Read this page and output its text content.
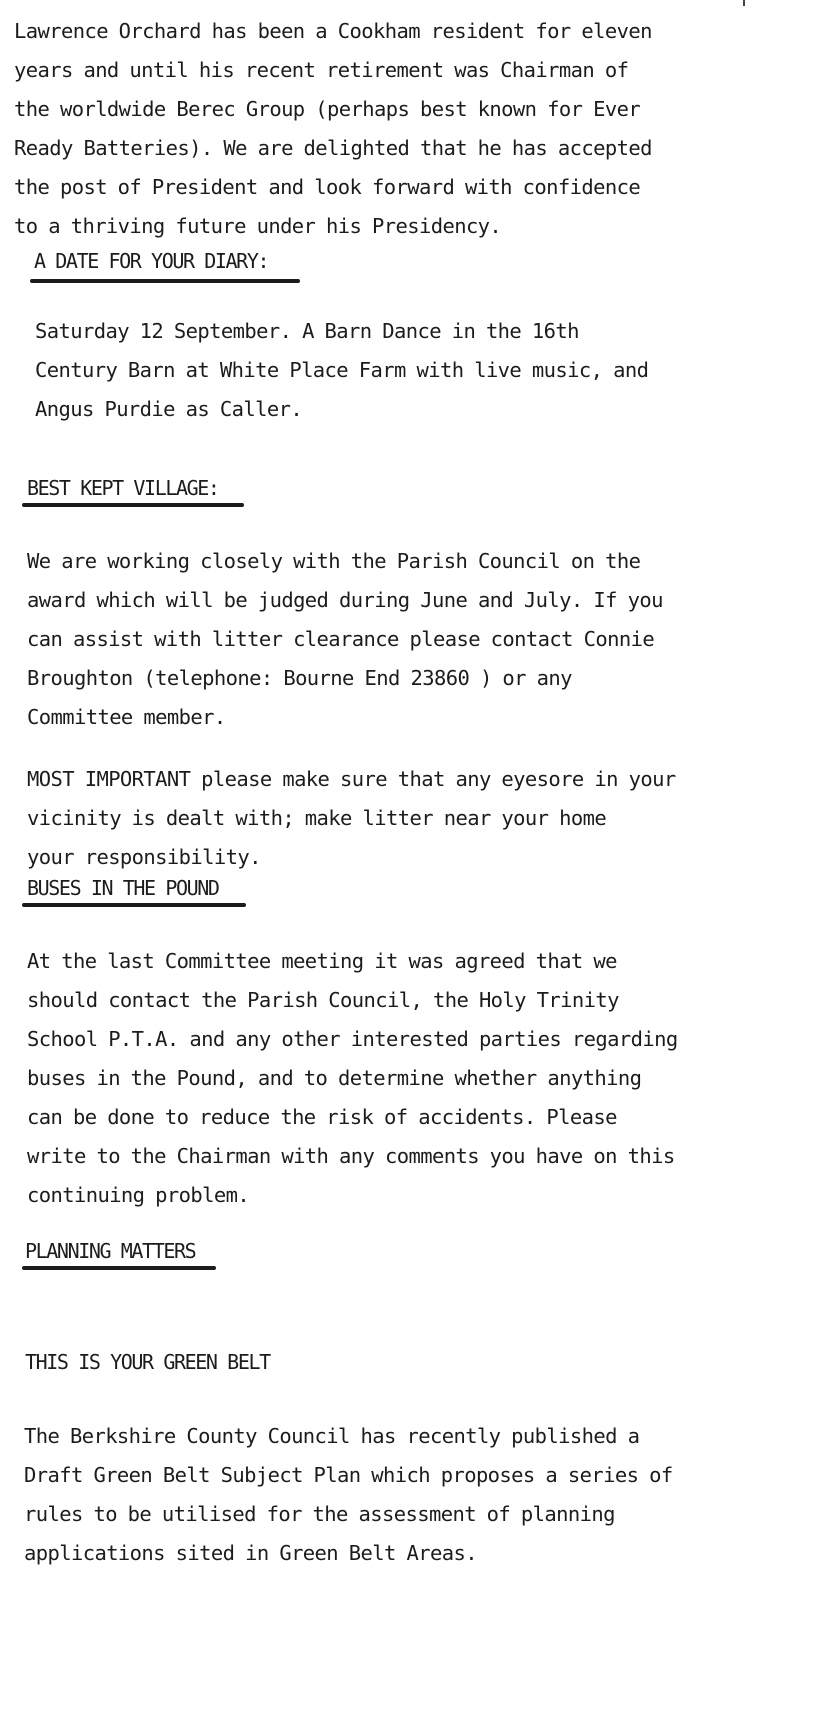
Lawrence Orchard has been a Cookham resident for eleven
years and until his recent retirement was Chairman of
the worldwide Berec Group (perhaps best known for Ever
Ready Batteries). We are delighted that he has accepted
the post of President and look forward with confidence
to a thriving future under his Presidency.

A DATE FOR YOUR DIARY:

Saturday 12 September. A Barn Dance in the 16th
Century Barn at White Place Farm with live music, and
Angus Purdie as Caller.

BEST KEPT VILLAGE:

We are working closely with the Parish Council on the
award which will be judged during June and July. If you
can assist with litter clearance please contact Connie
Broughton (telephone: Bourne End 23860 ) or any
Committee member.

MOST IMPORTANT please make sure that any eyesore in your
vicinity is dealt with; make litter near your home
your responsibility.

BUSES IN THE POUND

At the last Committee meeting it was agreed that we
should contact the Parish Council, the Holy Trinity
School P.T.A. and any other interested parties regarding
buses in the Pound, and to determine whether anything
can be done to reduce the risk of accidents. Please
write to the Chairman with any comments you have on this
continuing problem.

PLANNING MATTERS

THIS IS YOUR GREEN BELT

The Berkshire County Council has recently published a
Draft Green Belt Subject Plan which proposes a series of
rules to be utilised for the assessment of planning
applications sited in Green Belt Areas.
